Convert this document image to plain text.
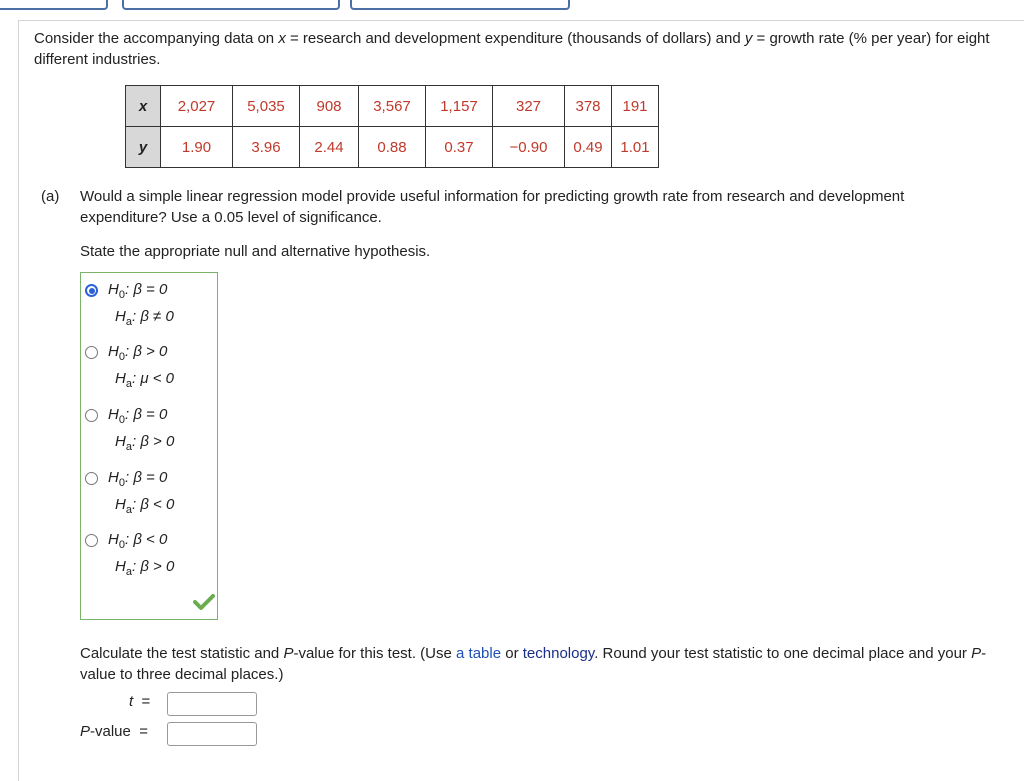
Consider the accompanying data on x = research and development expenditure (thousands of dollars) and y = growth rate (% per year) for eight different industries.
x	2,027	5,035	908	3,567	1,157	327	378	191
y	1.90	3.96	2.44	0.88	0.37	−0.90	0.49	1.01
(a) Would a simple linear regression model provide useful information for predicting growth rate from research and development expenditure? Use a 0.05 level of significance.
State the appropriate null and alternative hypothesis.
$H_0$: β = 0
$H_a$: β ≠ 0
$H_0$: β > 0
$H_a$: μ < 0
$H_0$: β = 0
$H_a$: β > 0
$H_0$: β = 0
$H_a$: β < 0
$H_0$: β < 0
$H_a$: β > 0
Calculate the test statistic and P-value for this test. (Use a table or technology. Round your test statistic to one decimal place and your P-value to three decimal places.)
t =
P-value =
